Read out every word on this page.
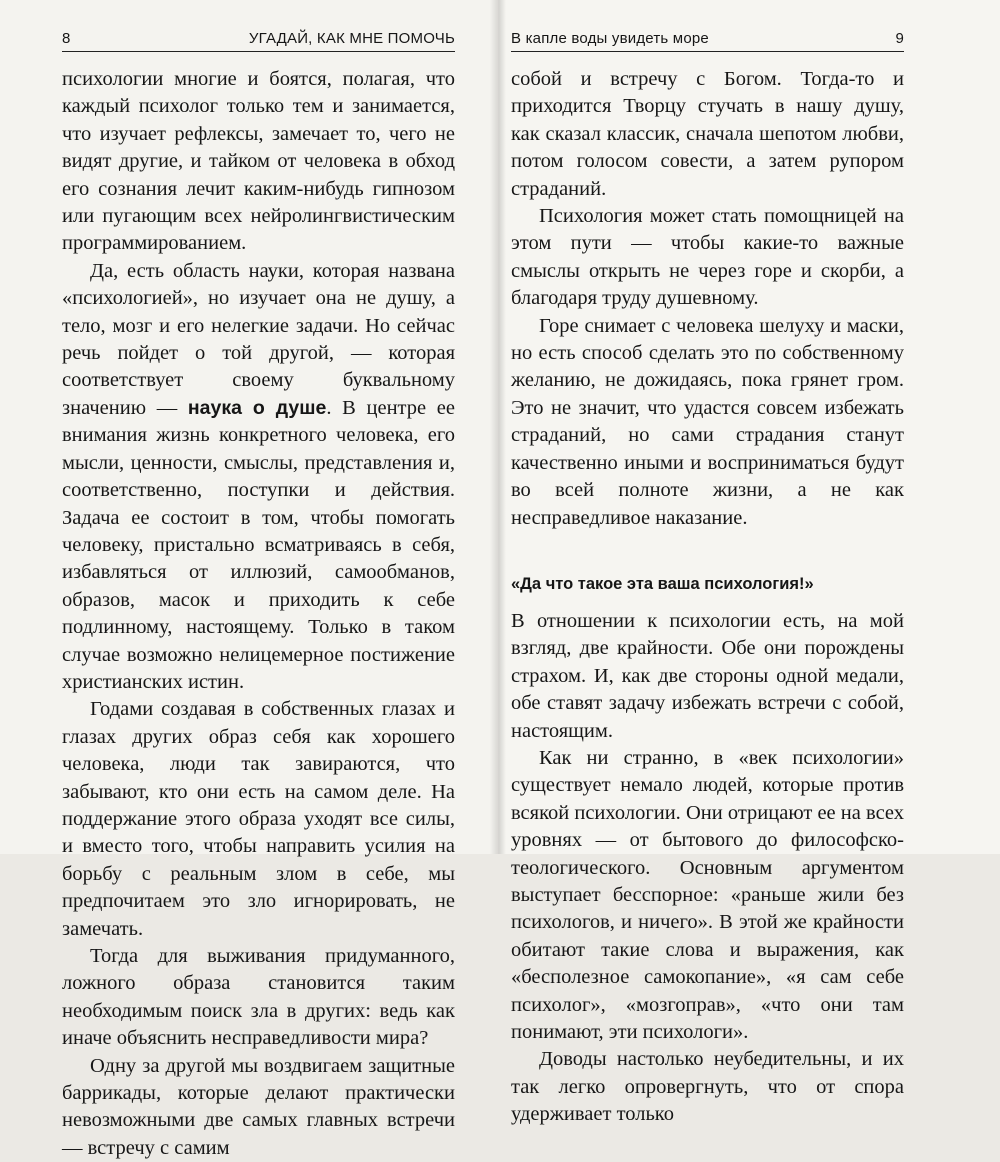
8	УГАДАЙ, КАК МНЕ ПОМОЧЬ

психологии многие и боятся, полагая, что каждый психолог только тем и занимается, что изучает рефлексы, замечает то, чего не видят другие, и тайком от человека в обход его сознания лечит каким-нибудь гипнозом или пугающим всех нейролингвистическим программированием.

Да, есть область науки, которая названа «психологией», но изучает она не душу, а тело, мозг и его нелегкие задачи. Но сейчас речь пойдет о той другой, — которая соответствует своему буквальному значению — наука о душе. В центре ее внимания жизнь конкретного человека, его мысли, ценности, смыслы, представления и, соответственно, поступки и действия. Задача ее состоит в том, чтобы помогать человеку, пристально всматриваясь в себя, избавляться от иллюзий, самообманов, образов, масок и приходить к себе подлинному, настоящему. Только в таком случае возможно нелицемерное постижение христианских истин.

Годами создавая в собственных глазах и глазах других образ себя как хорошего человека, люди так завираются, что забывают, кто они есть на самом деле. На поддержание этого образа уходят все силы, и вместо того, чтобы направить усилия на борьбу с реальным злом в себе, мы предпочитаем это зло игнорировать, не замечать.

Тогда для выживания придуманного, ложного образа становится таким необходимым поиск зла в других: ведь как иначе объяснить несправедливости мира?

Одну за другой мы воздвигаем защитные баррикады, которые делают практически невозможными две самых главных встречи — встречу с самим

В капле воды увидеть море	9

собой и встречу с Богом. Тогда-то и приходится Творцу стучать в нашу душу, как сказал классик, сначала шепотом любви, потом голосом совести, а затем рупором страданий.

Психология может стать помощницей на этом пути — чтобы какие-то важные смыслы открыть не через горе и скорби, а благодаря труду душевному.

Горе снимает с человека шелуху и маски, но есть способ сделать это по собственному желанию, не дожидаясь, пока грянет гром. Это не значит, что удастся совсем избежать страданий, но сами страдания станут качественно иными и восприниматься будут во всей полноте жизни, а не как несправедливое наказание.

«Да что такое эта ваша психология!»

В отношении к психологии есть, на мой взгляд, две крайности. Обе они порождены страхом. И, как две стороны одной медали, обе ставят задачу избежать встречи с собой, настоящим.

Как ни странно, в «век психологии» существует немало людей, которые против всякой психологии. Они отрицают ее на всех уровнях — от бытового до философско-теологического. Основным аргументом выступает бесспорное: «раньше жили без психологов, и ничего». В этой же крайности обитают такие слова и выражения, как «бесполезное самокопание», «я сам себе психолог», «мозгоправ», «что они там понимают, эти психологи».

Доводы настолько неубедительны, и их так легко опровергнуть, что от спора удерживает только
